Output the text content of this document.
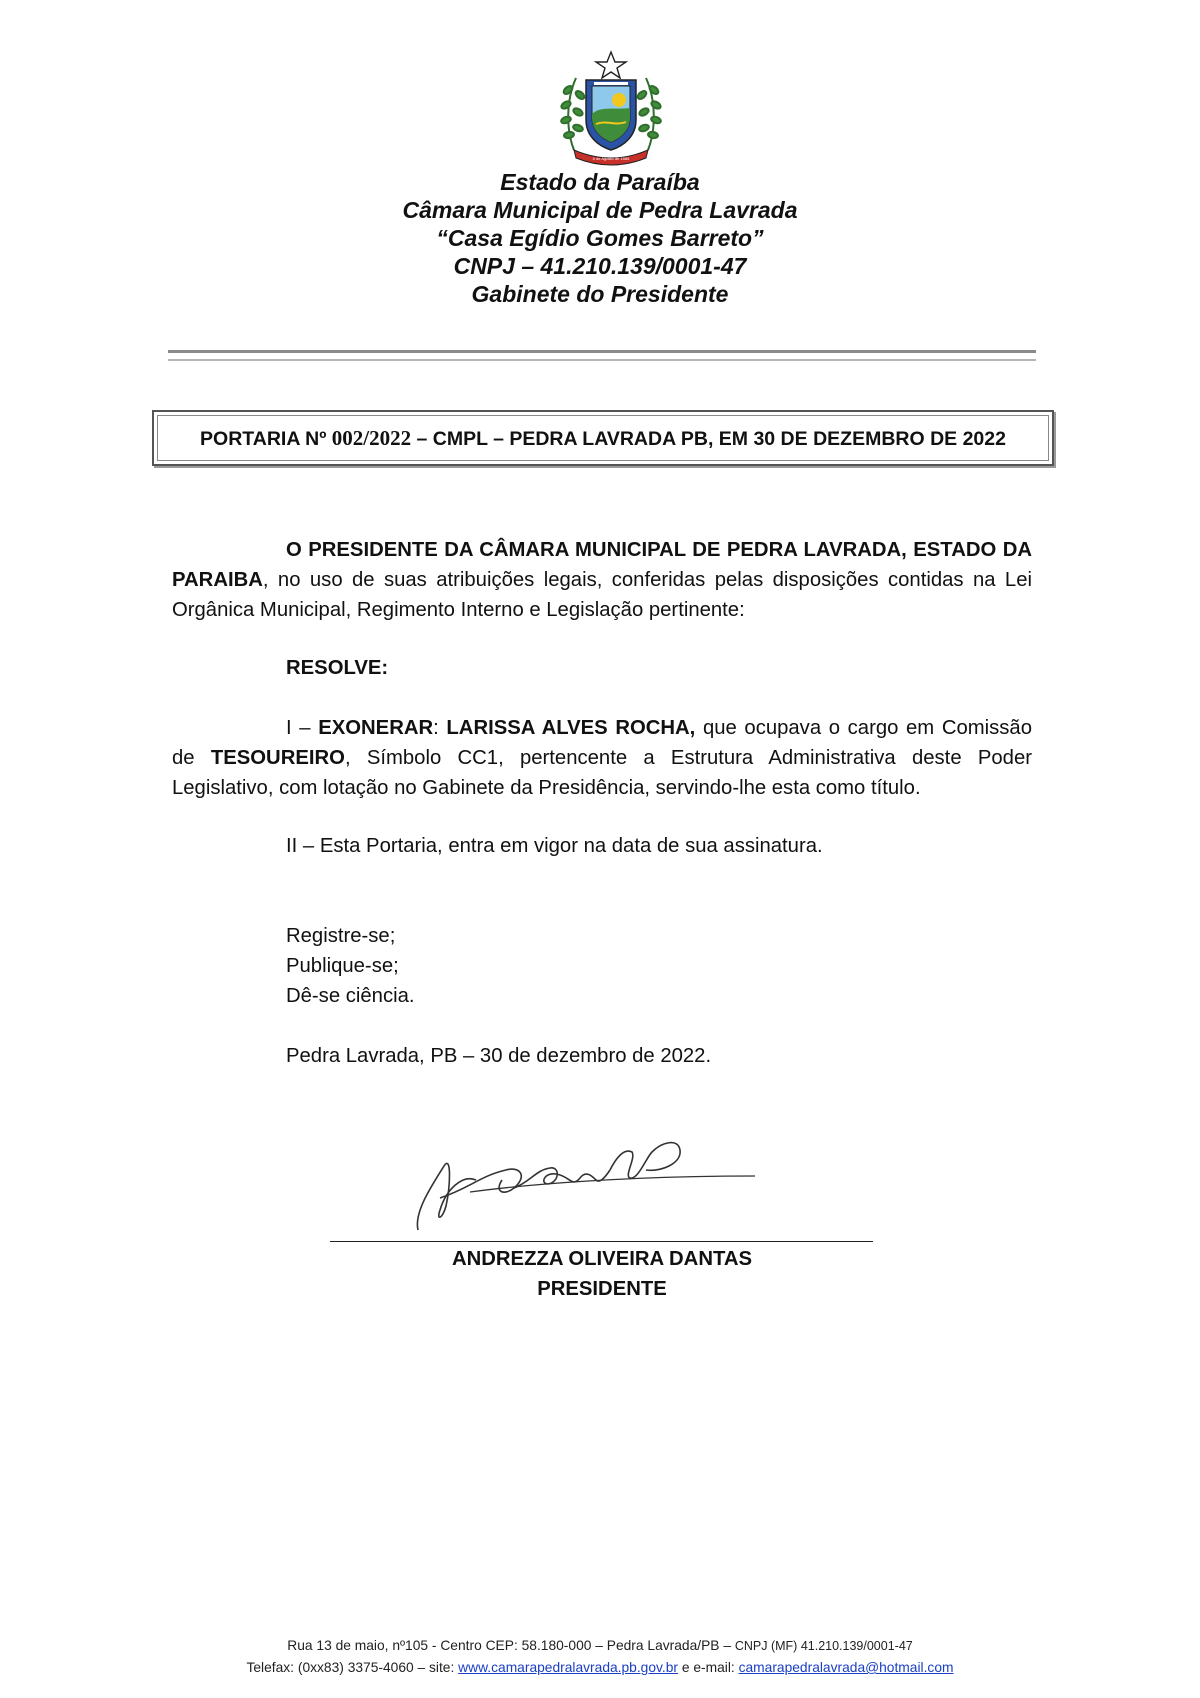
5 de Agosto de 1585
Estado da Paraíba
Câmara Municipal de Pedra Lavrada
“Casa Egídio Gomes Barreto”
CNPJ – 41.210.139/0001-47
Gabinete do Presidente
PORTARIA Nº 002/2022 – CMPL – PEDRA LAVRADA PB, EM 30 DE DEZEMBRO DE 2022

O PRESIDENTE DA CÂMARA MUNICIPAL DE PEDRA LAVRADA, ESTADO DA PARAIBA, no uso de suas atribuições legais, conferidas pelas disposições contidas na Lei Orgânica Municipal, Regimento Interno e Legislação pertinente:

RESOLVE:

I – EXONERAR: LARISSA ALVES ROCHA, que ocupava o cargo em Comissão de TESOUREIRO, Símbolo CC1, pertencente a Estrutura Administrativa deste Poder Legislativo, com lotação no Gabinete da Presidência, servindo-lhe esta como título.

II – Esta Portaria, entra em vigor na data de sua assinatura.

Registre-se;
Publique-se;
Dê-se ciência.

Pedra Lavrada, PB – 30 de dezembro de 2022.

ANDREZZA OLIVEIRA DANTAS
PRESIDENTE
Rua 13 de maio, nº105 - Centro CEP: 58.180-000 – Pedra Lavrada/PB – CNPJ (MF) 41.210.139/0001-47
Telefax: (0xx83) 3375-4060 – site: www.camarapedralavrada.pb.gov.br e e-mail: camarapedralavrada@hotmail.com
